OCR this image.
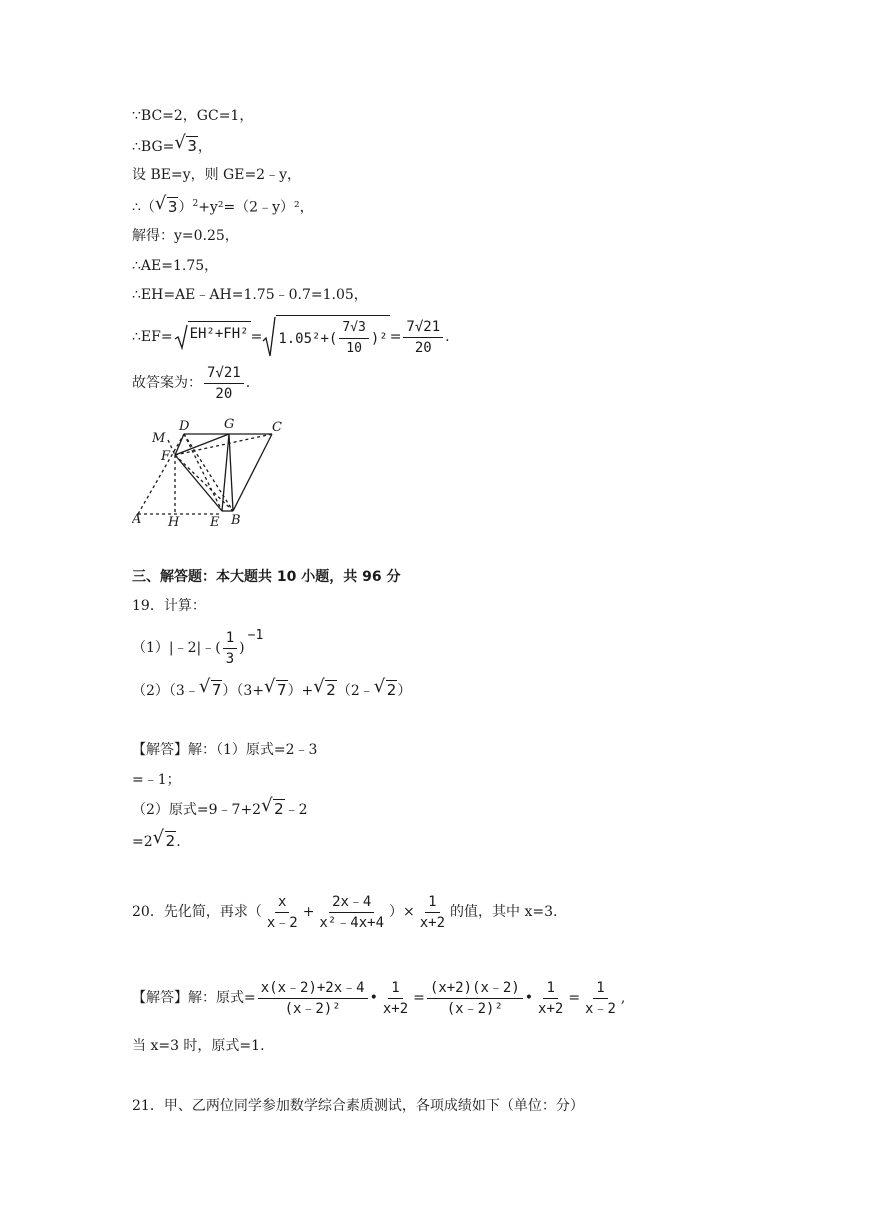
∵BC=2，GC=1，
∴BG= √ 3，
设 BE=y，则 GE=2﹣y，
∴（ √ 3）$^2$+y²=（2﹣y）²，
解得：y=0.25，
∴AE=1.75，
∴EH=AE﹣AH=1.75﹣0.7=1.05，
∴EF= $EH^2+FH^2 = 1.05^2+( \frac{7√3}{10} )^2 = \frac{7√21}{20}$ .
故答案为： $\frac{7√21}{20}$ .
M
D	G	C
F
A H E B
三、解答题：本大题共 10 小题，共 96 分
19．计算：
（1）|﹣2|﹣( $\frac{1}{3}$ )
−1
（2）（3﹣ √ 7）（3+ √ 7）+ √ 2（2﹣ √ 2）
【解答】解：（1）原式=2﹣3
=﹣1；
（2）原式=9﹣7+2 √ 2﹣2
=2 √ 2.
20．先化简，再求（ $\frac{x}{x﹣2} + \frac{2x﹣4}{\text{x²﹣4x+4}}$ ）× $\frac{1}{x+2}$ 的值，其中 x=3.
【解答】解：原式= $\frac{x(x﹣2)+2x﹣4}{\text{(x﹣2)²}}$ • $\frac{1}{x+2} = \frac{(x+2)(x﹣2)}{\text{(x﹣2)²}}$ • $\frac{1}{x+2} = \frac{1}{x﹣2}$ ,
当 x=3 时，原式=1.
21．甲、乙两位同学参加数学综合素质测试，各项成绩如下（单位：分）
